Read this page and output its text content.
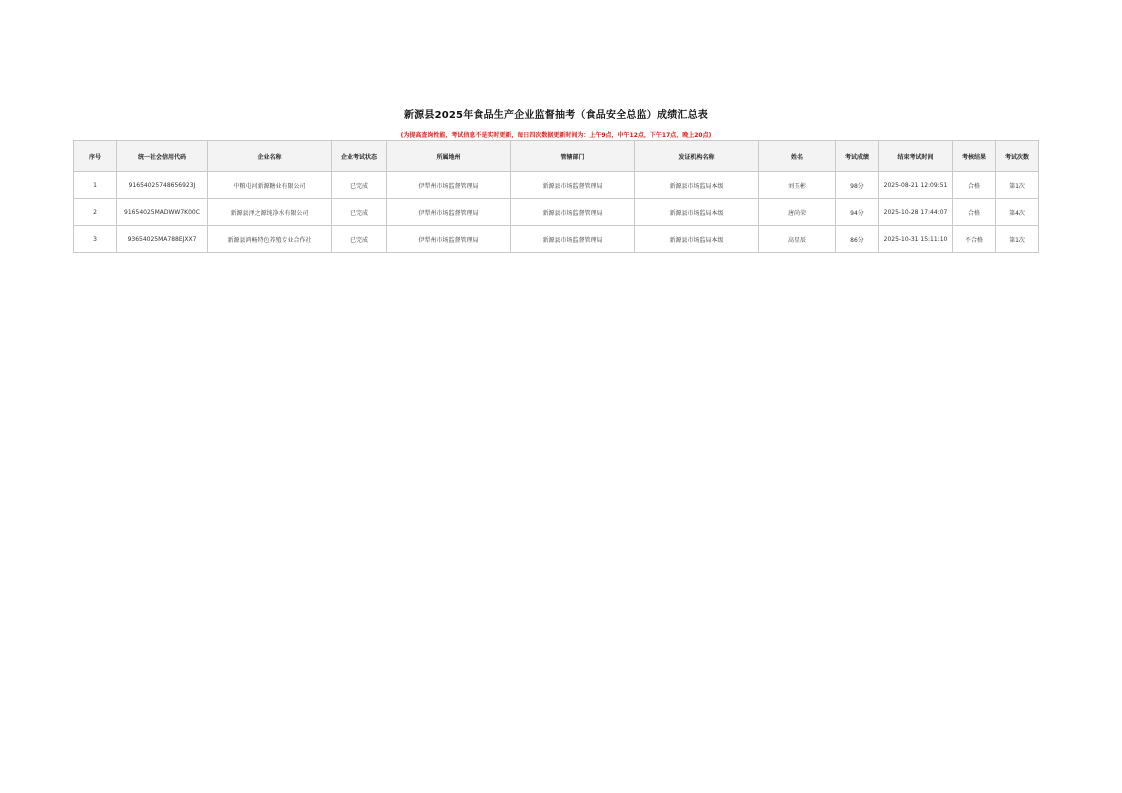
新源县2025年食品生产企业监督抽考（食品安全总监）成绩汇总表
(为提高查询性能，考试信息不是实时更新，每日四次数据更新时间为：上午9点，中午12点，下午17点，晚上20点)
序号	统一社会信用代码	企业名称	企业考试状态	所属地州	管辖部门	发证机构名称	姓名	考试成绩	结束考试时间	考核结果	考试次数
1	91654025748656923J	中粮屯河新源糖业有限公司	已完成	伊犁州市场监督管理局	新源县市场监督管理局	新源县市场监局本级	刘玉彬	98分	2025-08-21 12:09:51	合格	第1次
2	91654025MADWW7K00C	新源县泽之源纯净水有限公司	已完成	伊犁州市场监督管理局	新源县市场监督管理局	新源县市场监局本级	唐尚荣	94分	2025-10-28 17:44:07	合格	第4次
3	93654025MA788EJXX7	新源县鸿畅特色养殖专业合作社	已完成	伊犁州市场监督管理局	新源县市场监督管理局	新源县市场监局本级	高星辰	86分	2025-10-31 15:11:10	不合格	第1次
